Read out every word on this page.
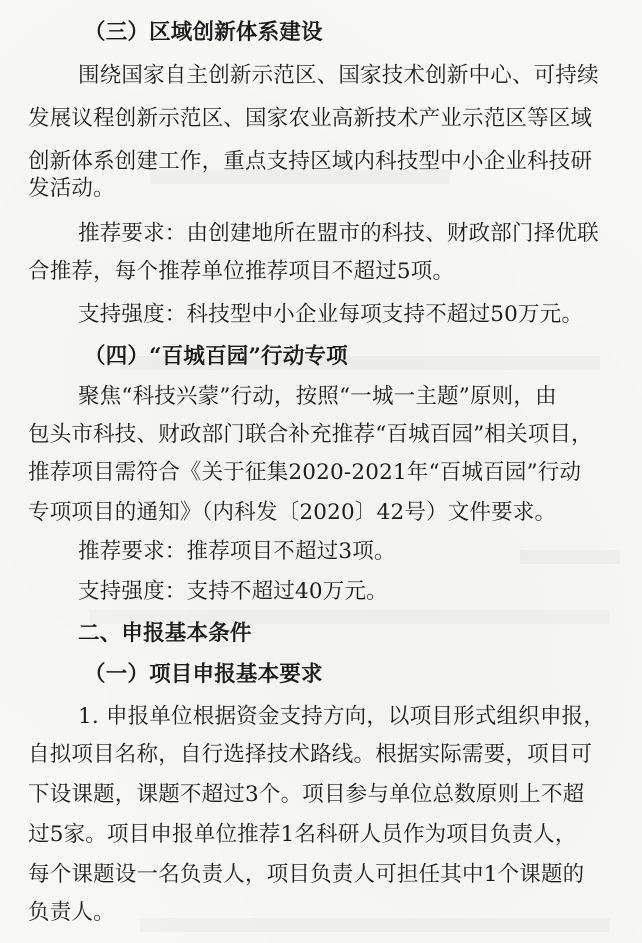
（三）区域创新体系建设
围绕国家自主创新示范区、国家技术创新中心、可持续
发展议程创新示范区、国家农业高新技术产业示范区等区域
创新体系创建工作，重点支持区域内科技型中小企业科技研
发活动。
推荐要求：由创建地所在盟市的科技、财政部门择优联
合推荐，每个推荐单位推荐项目不超过5项。
支持强度：科技型中小企业每项支持不超过50万元。
（四）“百城百园”行动专项
聚焦“科技兴蒙”行动，按照“一城一主题”原则，由
包头市科技、财政部门联合补充推荐“百城百园”相关项目，
推荐项目需符合《关于征集2020-2021年“百城百园”行动
专项项目的通知》（内科发〔2020〕42号）文件要求。
推荐要求：推荐项目不超过3项。
支持强度：支持不超过40万元。
二、申报基本条件
（一）项目申报基本要求
1. 申报单位根据资金支持方向，以项目形式组织申报，
自拟项目名称，自行选择技术路线。根据实际需要，项目可
下设课题，课题不超过3个。项目参与单位总数原则上不超
过5家。项目申报单位推荐1名科研人员作为项目负责人，
每个课题设一名负责人，项目负责人可担任其中1个课题的
负责人。
